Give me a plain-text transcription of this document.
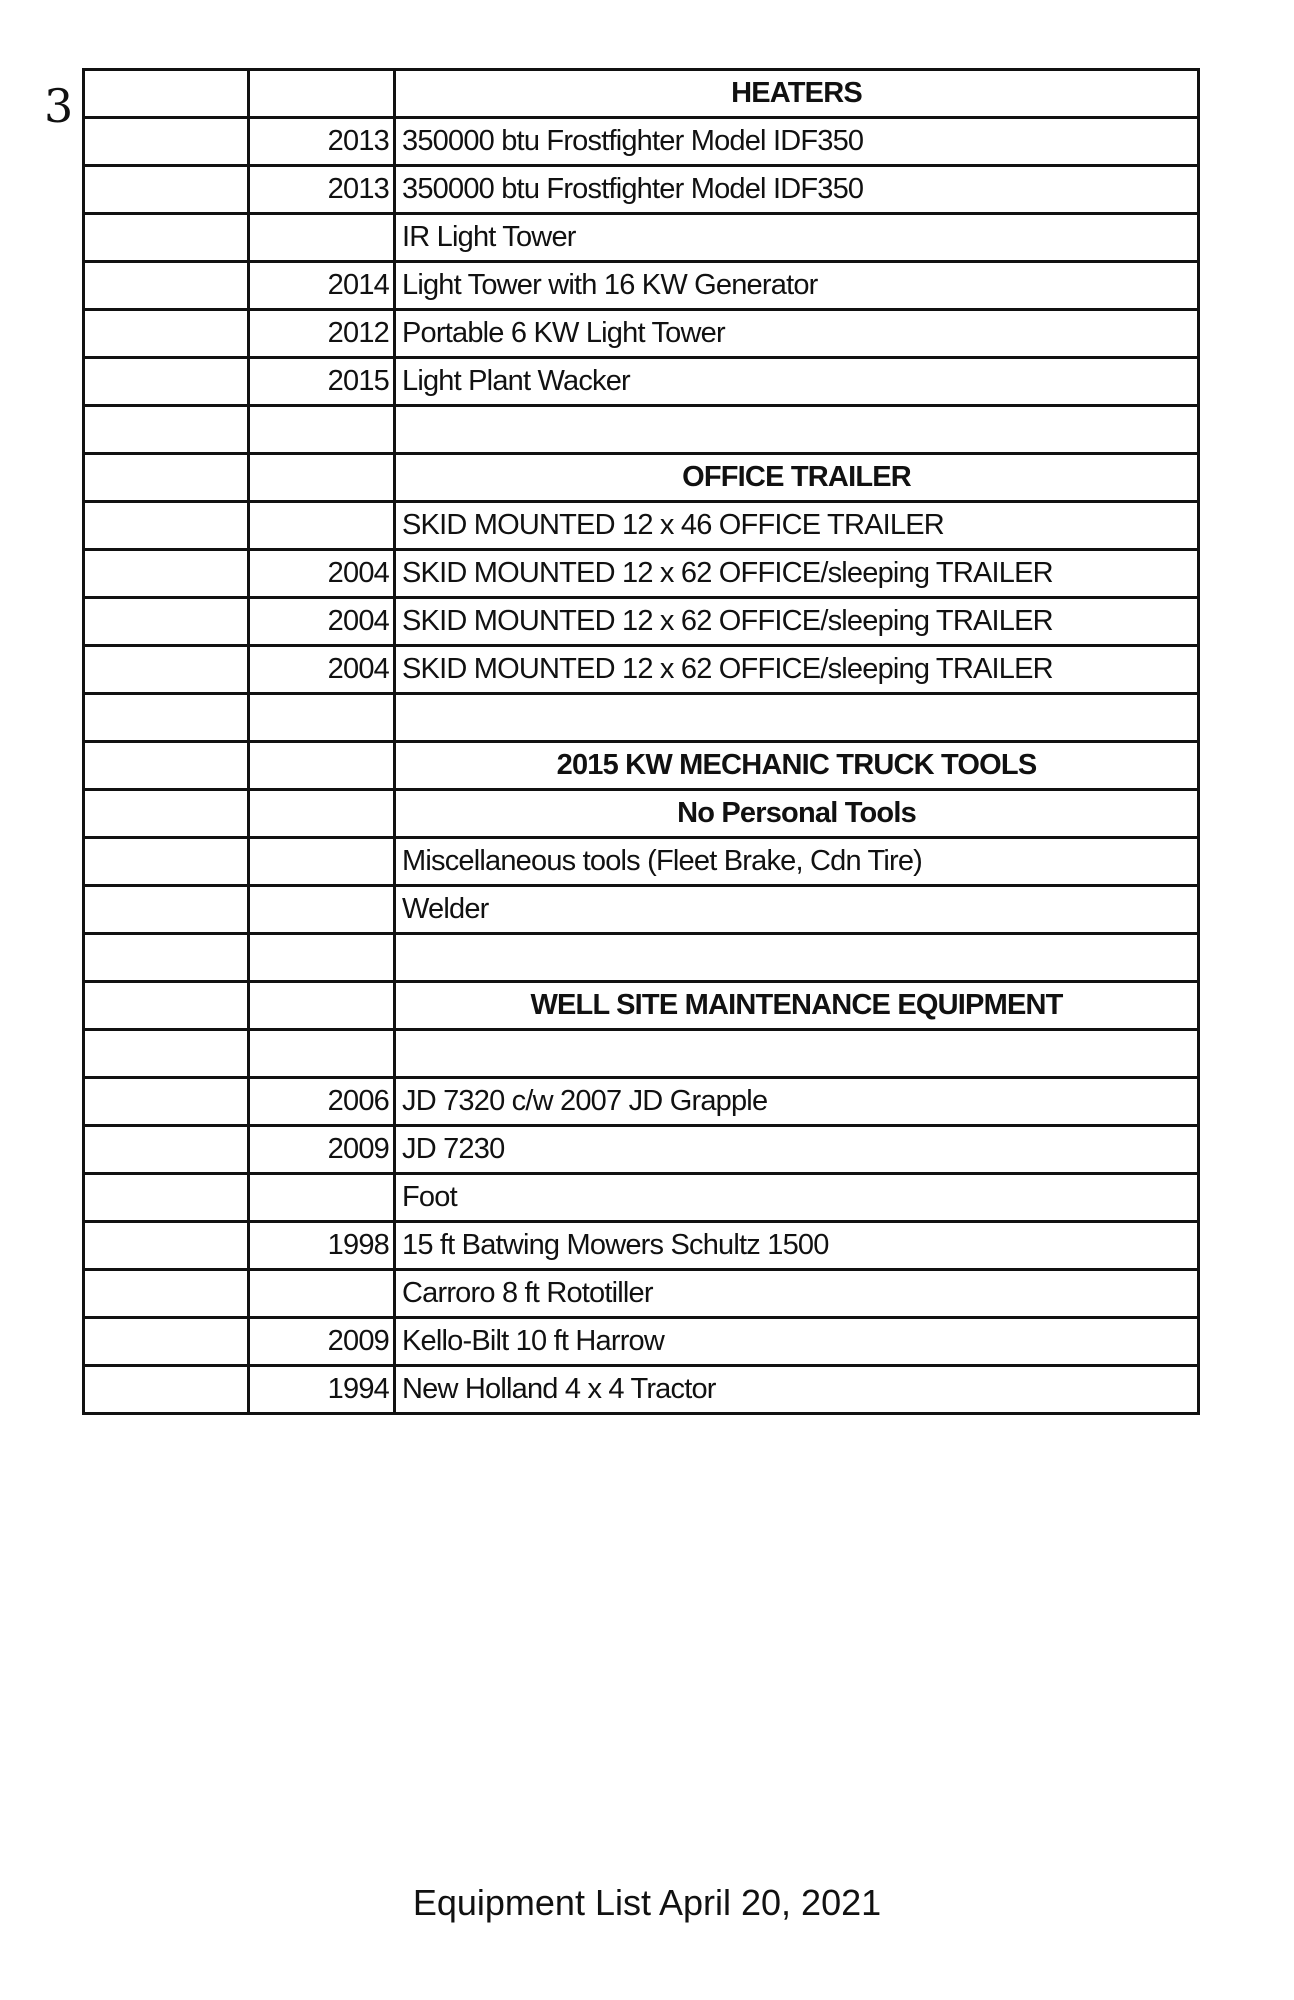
3
			HEATERS
	2013	350000 btu Frostfighter Model IDF350
	2013	350000 btu Frostfighter Model IDF350
		IR Light Tower
	2014	Light Tower with 16 KW Generator
	2012	Portable 6 KW Light Tower
	2015	Light Plant Wacker

		OFFICE TRAILER
		SKID MOUNTED 12 x 46 OFFICE TRAILER
	2004	SKID MOUNTED 12 x 62 OFFICE/sleeping TRAILER
	2004	SKID MOUNTED 12 x 62 OFFICE/sleeping TRAILER
	2004	SKID MOUNTED 12 x 62 OFFICE/sleeping TRAILER

		2015 KW MECHANIC TRUCK TOOLS
		No Personal Tools
		Miscellaneous tools (Fleet Brake, Cdn Tire)
		Welder

		WELL SITE MAINTENANCE EQUIPMENT

	2006	JD 7320 c/w 2007 JD Grapple
	2009	JD 7230
		Foot
	1998	15 ft Batwing Mowers Schultz 1500
		Carroro 8 ft Rototiller
	2009	Kello-Bilt 10 ft Harrow
	1994	New Holland 4 x 4 Tractor
Equipment List April 20, 2021
